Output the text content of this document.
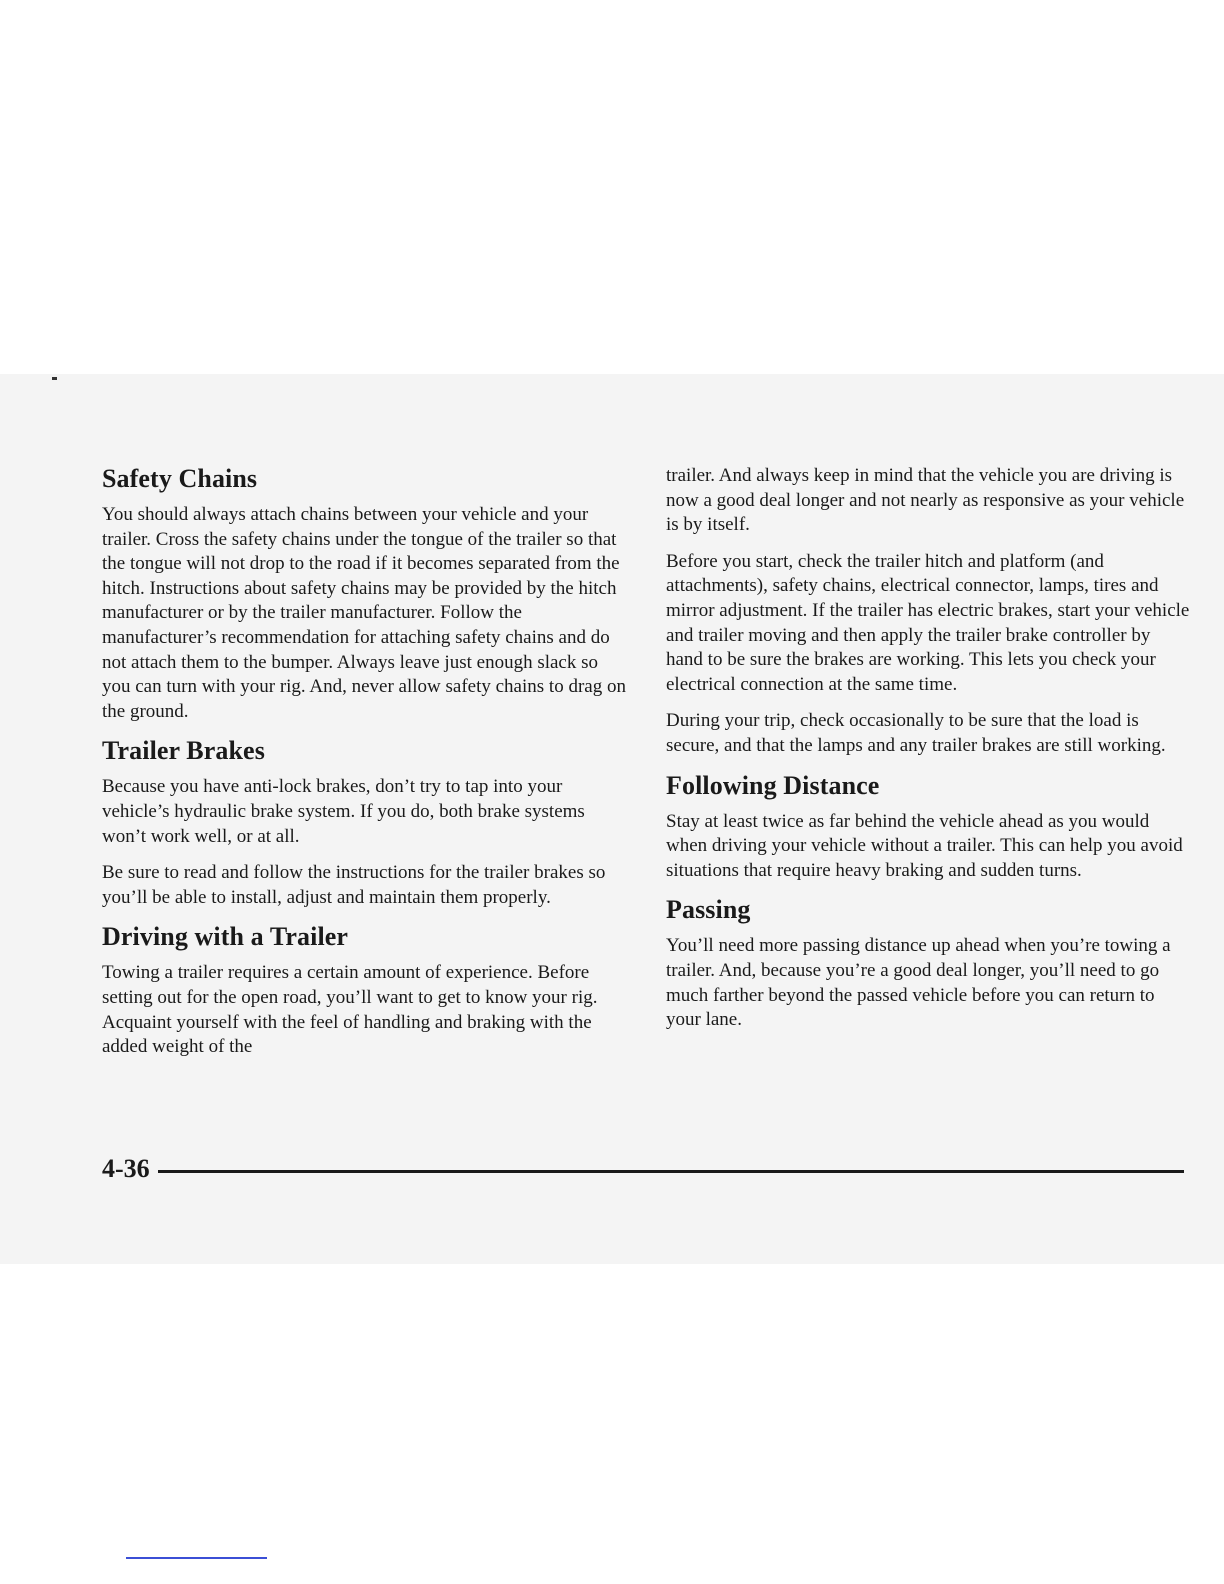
Safety Chains

You should always attach chains between your vehicle and your trailer. Cross the safety chains under the tongue of the trailer so that the tongue will not drop to the road if it becomes separated from the hitch. Instructions about safety chains may be provided by the hitch manufacturer or by the trailer manufacturer. Follow the manufacturer’s recommendation for attaching safety chains and do not attach them to the bumper. Always leave just enough slack so you can turn with your rig. And, never allow safety chains to drag on the ground.

Trailer Brakes

Because you have anti-lock brakes, don’t try to tap into your vehicle’s hydraulic brake system. If you do, both brake systems won’t work well, or at all.

Be sure to read and follow the instructions for the trailer brakes so you’ll be able to install, adjust and maintain them properly.

Driving with a Trailer

Towing a trailer requires a certain amount of experience. Before setting out for the open road, you’ll want to get to know your rig. Acquaint yourself with the feel of handling and braking with the added weight of the

trailer. And always keep in mind that the vehicle you are driving is now a good deal longer and not nearly as responsive as your vehicle is by itself.

Before you start, check the trailer hitch and platform (and attachments), safety chains, electrical connector, lamps, tires and mirror adjustment. If the trailer has electric brakes, start your vehicle and trailer moving and then apply the trailer brake controller by hand to be sure the brakes are working. This lets you check your electrical connection at the same time.

During your trip, check occasionally to be sure that the load is secure, and that the lamps and any trailer brakes are still working.

Following Distance

Stay at least twice as far behind the vehicle ahead as you would when driving your vehicle without a trailer. This can help you avoid situations that require heavy braking and sudden turns.

Passing

You’ll need more passing distance up ahead when you’re towing a trailer. And, because you’re a good deal longer, you’ll need to go much farther beyond the passed vehicle before you can return to your lane.

4-36
